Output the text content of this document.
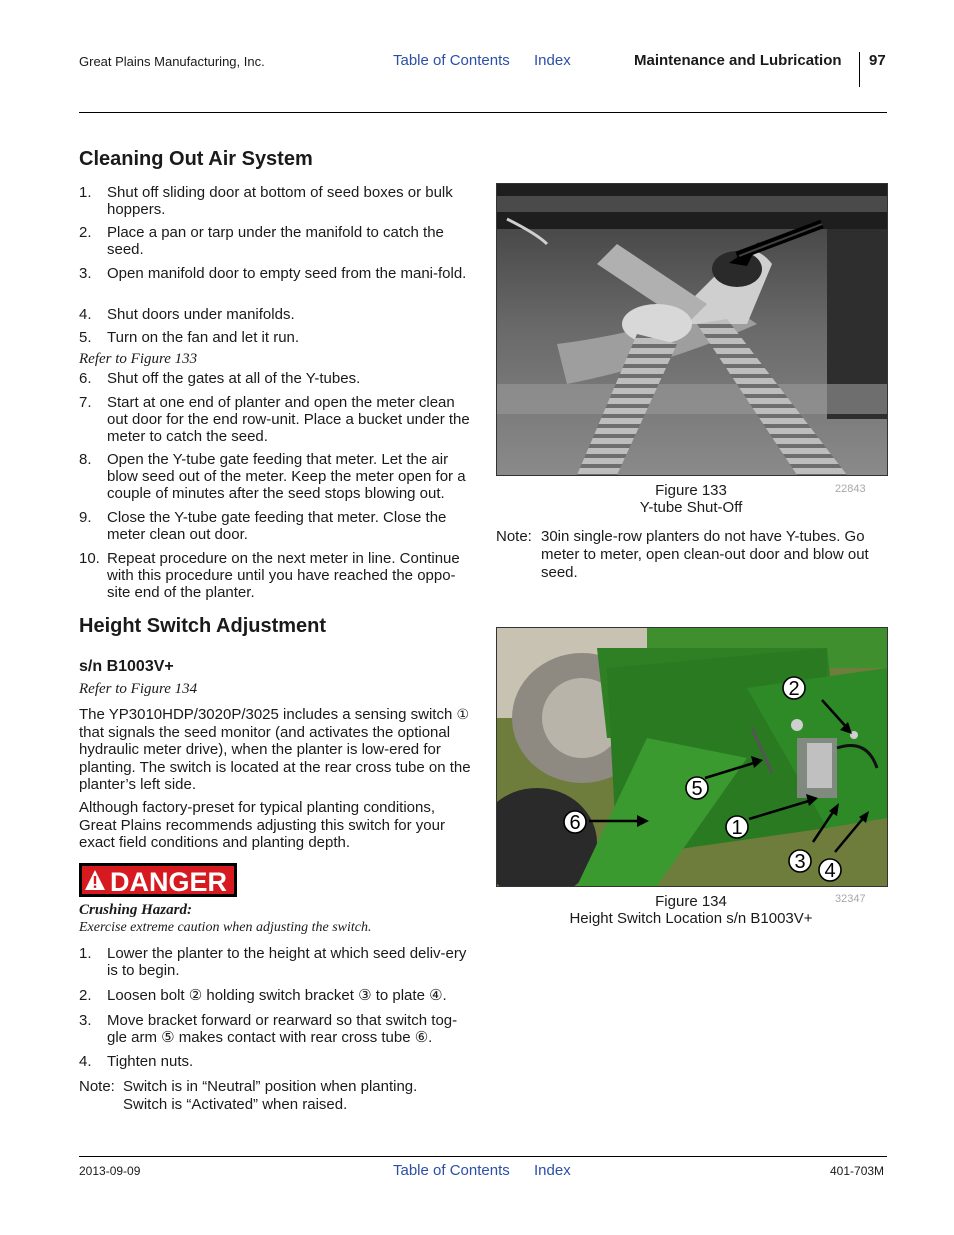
Great Plains Manufacturing, Inc.	Table of Contents Index	Maintenance and Lubrication 97
Cleaning Out Air System
1. Shut off sliding door at bottom of seed boxes or bulk hoppers.
2. Place a pan or tarp under the manifold to catch the seed.
3. Open manifold door to empty seed from the mani-fold.
4. Shut doors under manifolds.
5. Turn on the fan and let it run.
Refer to Figure 133
6. Shut off the gates at all of the Y-tubes.
7. Start at one end of planter and open the meter clean out door for the end row-unit. Place a bucket under the meter to catch the seed.
8. Open the Y-tube gate feeding that meter. Let the air blow seed out of the meter. Keep the meter open for a couple of minutes after the seed stops blowing out.
9. Close the Y-tube gate feeding that meter. Close the meter clean out door.
10. Repeat procedure on the next meter in line. Continue with this procedure until you have reached the oppo-site end of the planter.
Figure 133
Y-tube Shut-Off
22843
Note: 30in single-row planters do not have Y-tubes. Go meter to meter, open clean-out door and blow out seed.
Height Switch Adjustment
s/n B1003V+
Refer to Figure 134
The YP3010HDP/3020P/3025 includes a sensing switch ① that signals the seed monitor (and activates the optional hydraulic meter drive), when the planter is low-ered for planting. The switch is located at the rear cross tube on the planter’s left side.
Although factory-preset for typical planting conditions, Great Plains recommends adjusting this switch for your exact field conditions and planting depth.
DANGER
Crushing Hazard:
Exercise extreme caution when adjusting the switch.
1. Lower the planter to the height at which seed deliv-ery is to begin.
2. Loosen bolt ② holding switch bracket ③ to plate ④.
3. Move bracket forward or rearward so that switch tog-gle arm ⑤ makes contact with rear cross tube ⑥.
4. Tighten nuts.
Note: Switch is in “Neutral” position when planting.
Switch is “Activated” when raised.
2
5
6	1
3 4
Figure 134
Height Switch Location s/n B1003V+
32347
2013-09-09	Table of Contents Index	401-703M
